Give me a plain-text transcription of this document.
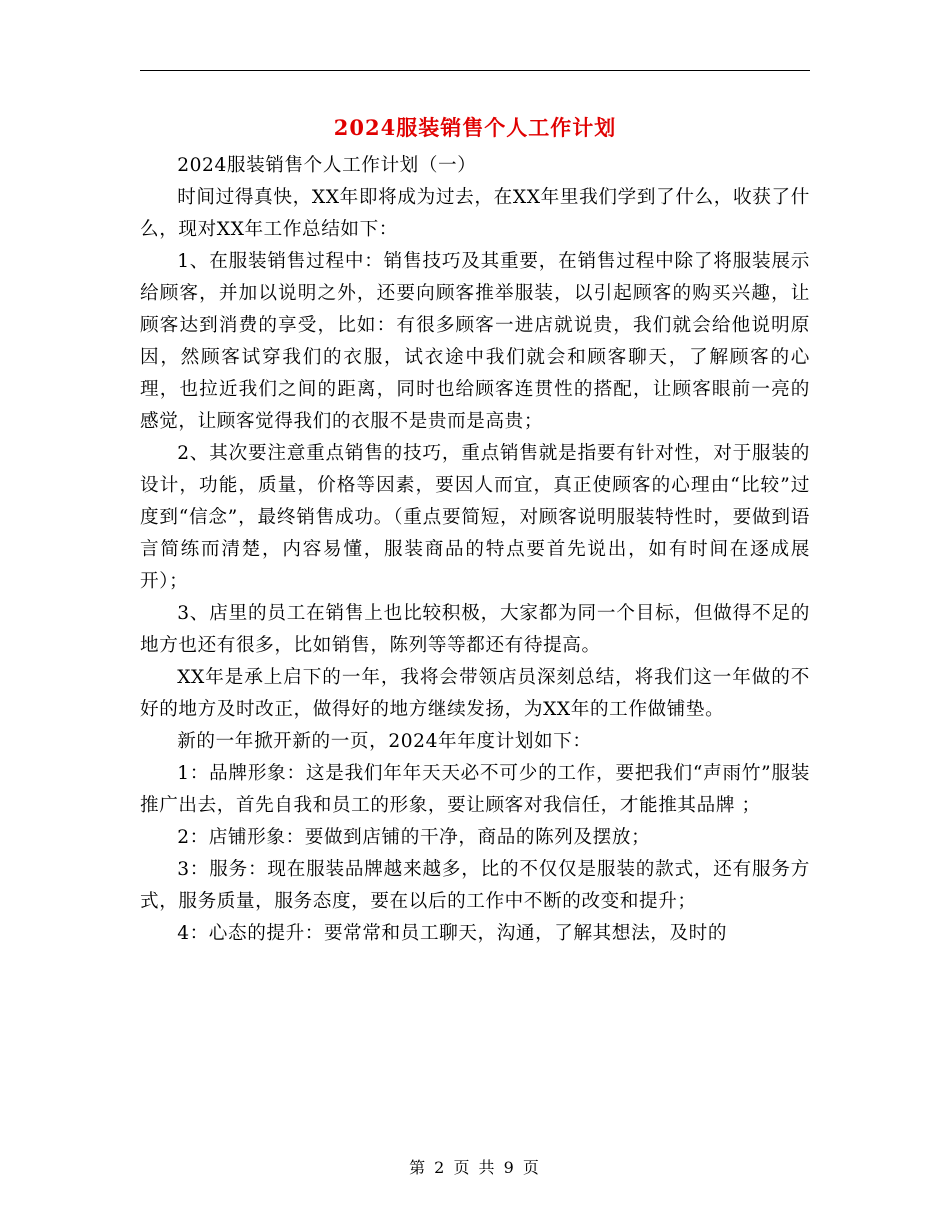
2024服装销售个人工作计划

2024服装销售个人工作计划（一）

时间过得真快，XX年即将成为过去，在XX年里我们学到了什么，收获了什么，现对XX年工作总结如下：

1、在服装销售过程中：销售技巧及其重要，在销售过程中除了将服装展示给顾客，并加以说明之外，还要向顾客推举服装，以引起顾客的购买兴趣，让顾客达到消费的享受，比如：有很多顾客一进店就说贵，我们就会给他说明原因，然顾客试穿我们的衣服，试衣途中我们就会和顾客聊天，了解顾客的心理，也拉近我们之间的距离，同时也给顾客连贯性的搭配，让顾客眼前一亮的感觉，让顾客觉得我们的衣服不是贵而是高贵；

2、其次要注意重点销售的技巧，重点销售就是指要有针对性，对于服装的设计，功能，质量，价格等因素，要因人而宜，真正使顾客的心理由“比较”过度到“信念”，最终销售成功。（重点要简短，对顾客说明服装特性时，要做到语言简练而清楚，内容易懂，服装商品的特点要首先说出，如有时间在逐成展开）；

3、店里的员工在销售上也比较积极，大家都为同一个目标，但做得不足的地方也还有很多，比如销售，陈列等等都还有待提高。

XX年是承上启下的一年，我将会带领店员深刻总结，将我们这一年做的不好的地方及时改正，做得好的地方继续发扬，为XX年的工作做铺垫。

新的一年掀开新的一页，2024年年度计划如下：

1：品牌形象：这是我们年年天天必不可少的工作，要把我们“声雨竹”服装推广出去，首先自我和员工的形象，要让顾客对我信任，才能推其品牌 ；

2：店铺形象：要做到店铺的干净，商品的陈列及摆放；

3：服务：现在服装品牌越来越多，比的不仅仅是服装的款式，还有服务方式，服务质量，服务态度，要在以后的工作中不断的改变和提升；

4：心态的提升：要常常和员工聊天，沟通，了解其想法，及时的

第 2 页 共 9 页
